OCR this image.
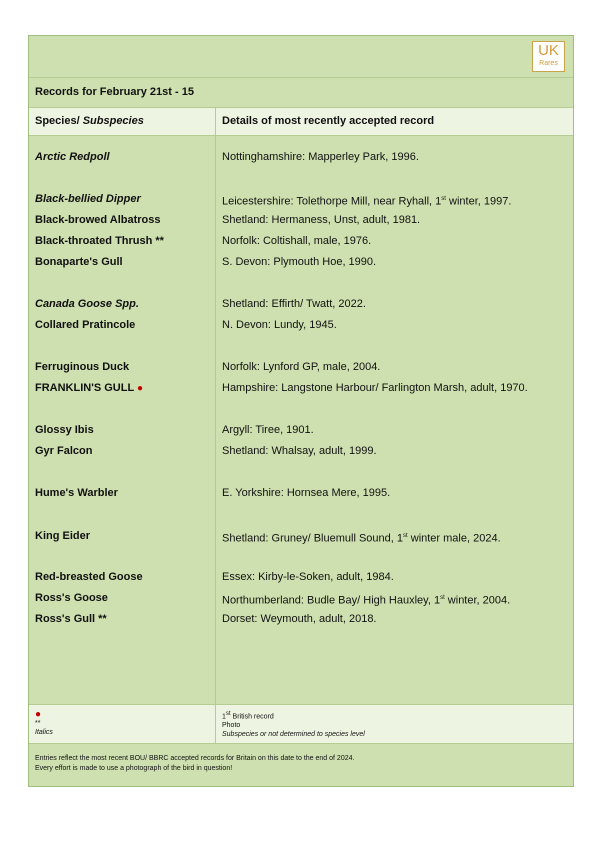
UK
Rares
Records for February 21st - 15
Species/ Subspecies	Details of most recently accepted record
Arctic Redpoll
Black-bellied Dipper
Black-browed Albatross
Black-throated Thrush **
Bonaparte's Gull
Canada Goose Spp.
Collared Pratincole
Ferruginous Duck
FRANKLIN'S GULL ●
Glossy Ibis
Gyr Falcon
Hume's Warbler
King Eider
Red-breasted Goose
Ross's Goose
Ross's Gull **
Nottinghamshire: Mapperley Park, 1996.
Leicestershire: Tolethorpe Mill, near Ryhall, 1st winter, 1997.
Shetland: Hermaness, Unst, adult, 1981.
Norfolk: Coltishall, male, 1976.
S. Devon: Plymouth Hoe, 1990.
Shetland: Effirth/ Twatt, 2022.
N. Devon: Lundy, 1945.
Norfolk: Lynford GP, male, 2004.
Hampshire: Langstone Harbour/ Farlington Marsh, adult, 1970.
Argyll: Tiree, 1901.
Shetland: Whalsay, adult, 1999.
E. Yorkshire: Hornsea Mere, 1995.
Shetland: Gruney/ Bluemull Sound, 1st winter male, 2024.
Essex: Kirby-le-Soken, adult, 1984.
Northumberland: Budle Bay/ High Hauxley, 1st winter, 2004.
Dorset: Weymouth, adult, 2018.
●
**
Italics
1st British record
Photo
Subspecies or not determined to species level
Entries reflect the most recent BOU/ BBRC accepted records for Britain on this date to the end of 2024.
Every effort is made to use a photograph of the bird in question!
